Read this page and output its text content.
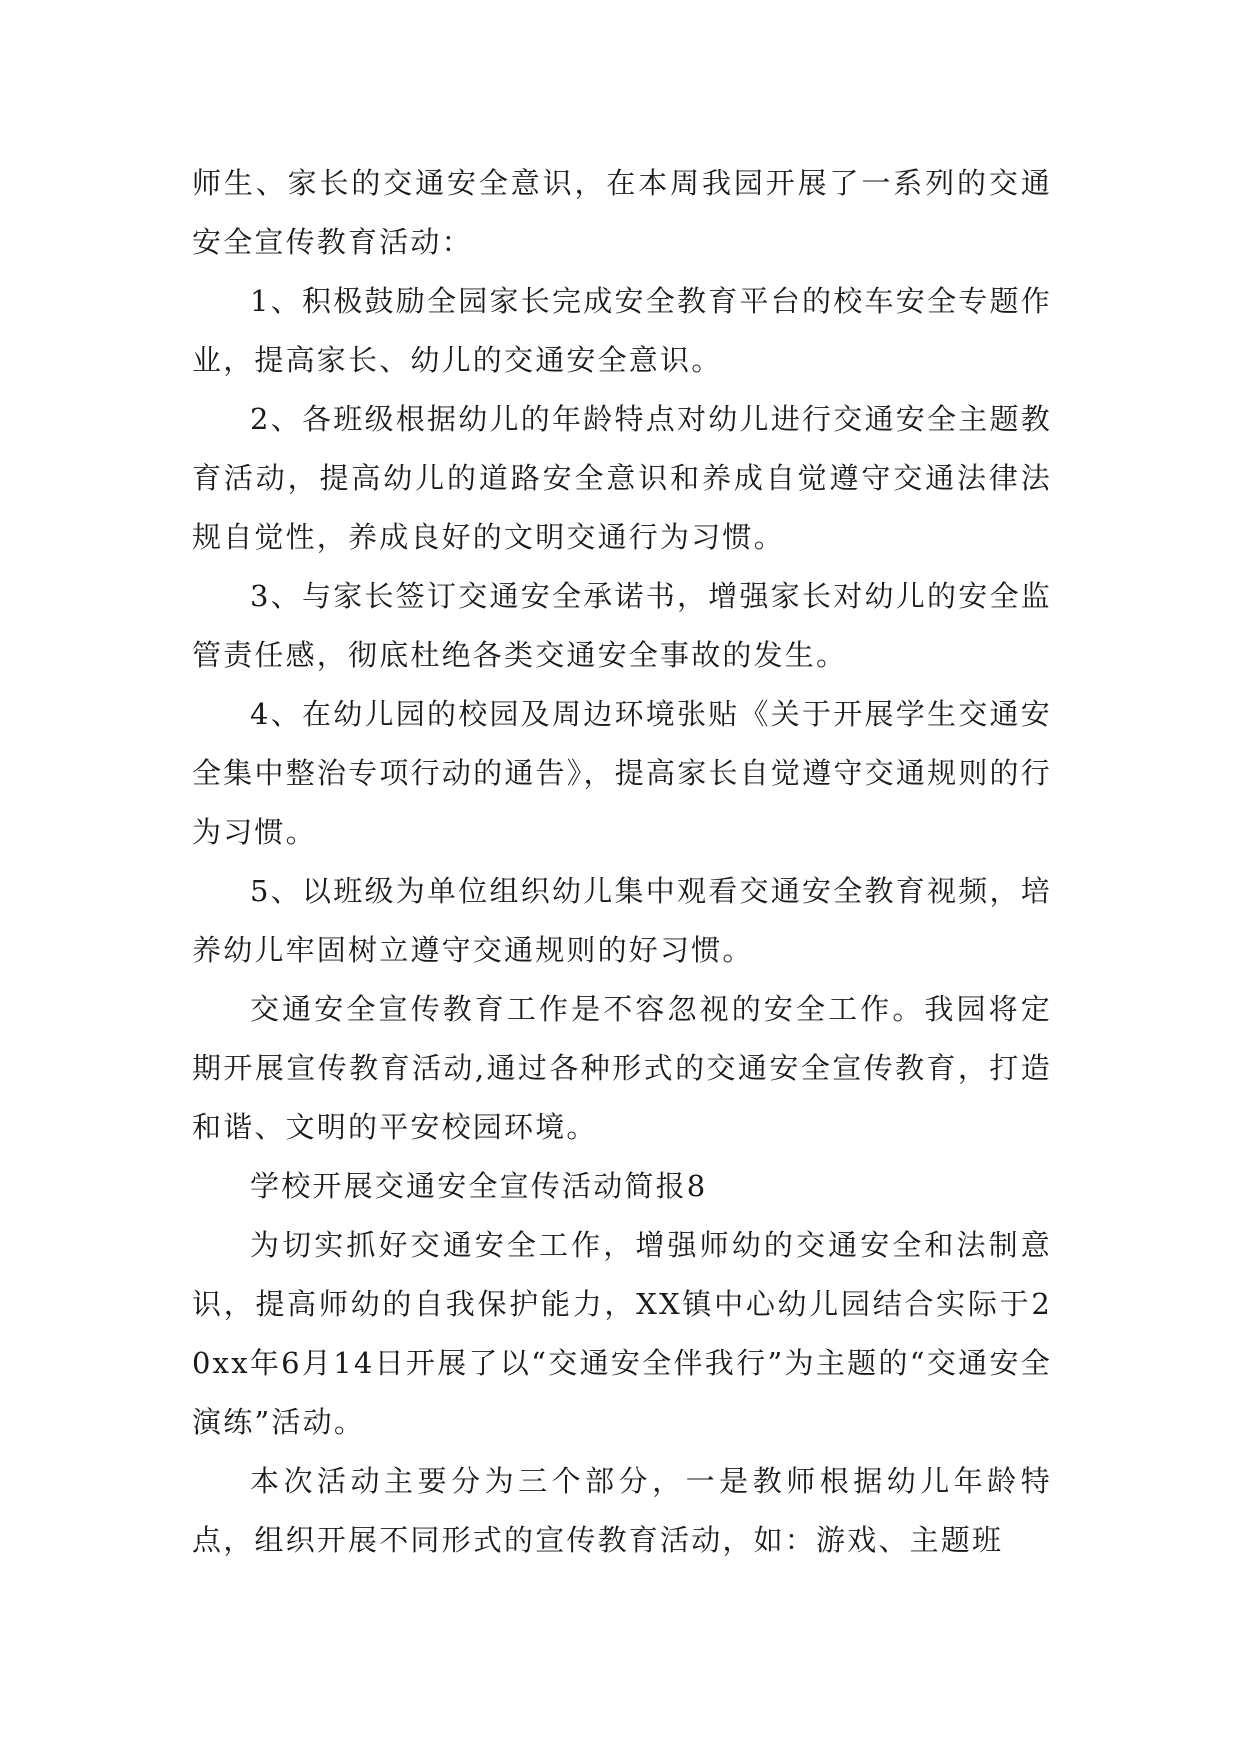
师生、家长的交通安全意识，在本周我园开展了一系列的交通安全宣传教育活动：

1、积极鼓励全园家长完成安全教育平台的校车安全专题作业，提高家长、幼儿的交通安全意识。

2、各班级根据幼儿的年龄特点对幼儿进行交通安全主题教育活动，提高幼儿的道路安全意识和养成自觉遵守交通法律法规自觉性，养成良好的文明交通行为习惯。

3、与家长签订交通安全承诺书，增强家长对幼儿的安全监管责任感，彻底杜绝各类交通安全事故的发生。

4、在幼儿园的校园及周边环境张贴《关于开展学生交通安全集中整治专项行动的通告》，提高家长自觉遵守交通规则的行为习惯。

5、以班级为单位组织幼儿集中观看交通安全教育视频，培养幼儿牢固树立遵守交通规则的好习惯。

交通安全宣传教育工作是不容忽视的安全工作。我园将定期开展宣传教育活动,通过各种形式的交通安全宣传教育，打造和谐、文明的平安校园环境。

学校开展交通安全宣传活动简报8

为切实抓好交通安全工作，增强师幼的交通安全和法制意识，提高师幼的自我保护能力，XX镇中心幼儿园结合实际于20xx年6月14日开展了以“交通安全伴我行”为主题的“交通安全演练”活动。

本次活动主要分为三个部分，一是教师根据幼儿年龄特点，组织开展不同形式的宣传教育活动，如：游戏、主题班
